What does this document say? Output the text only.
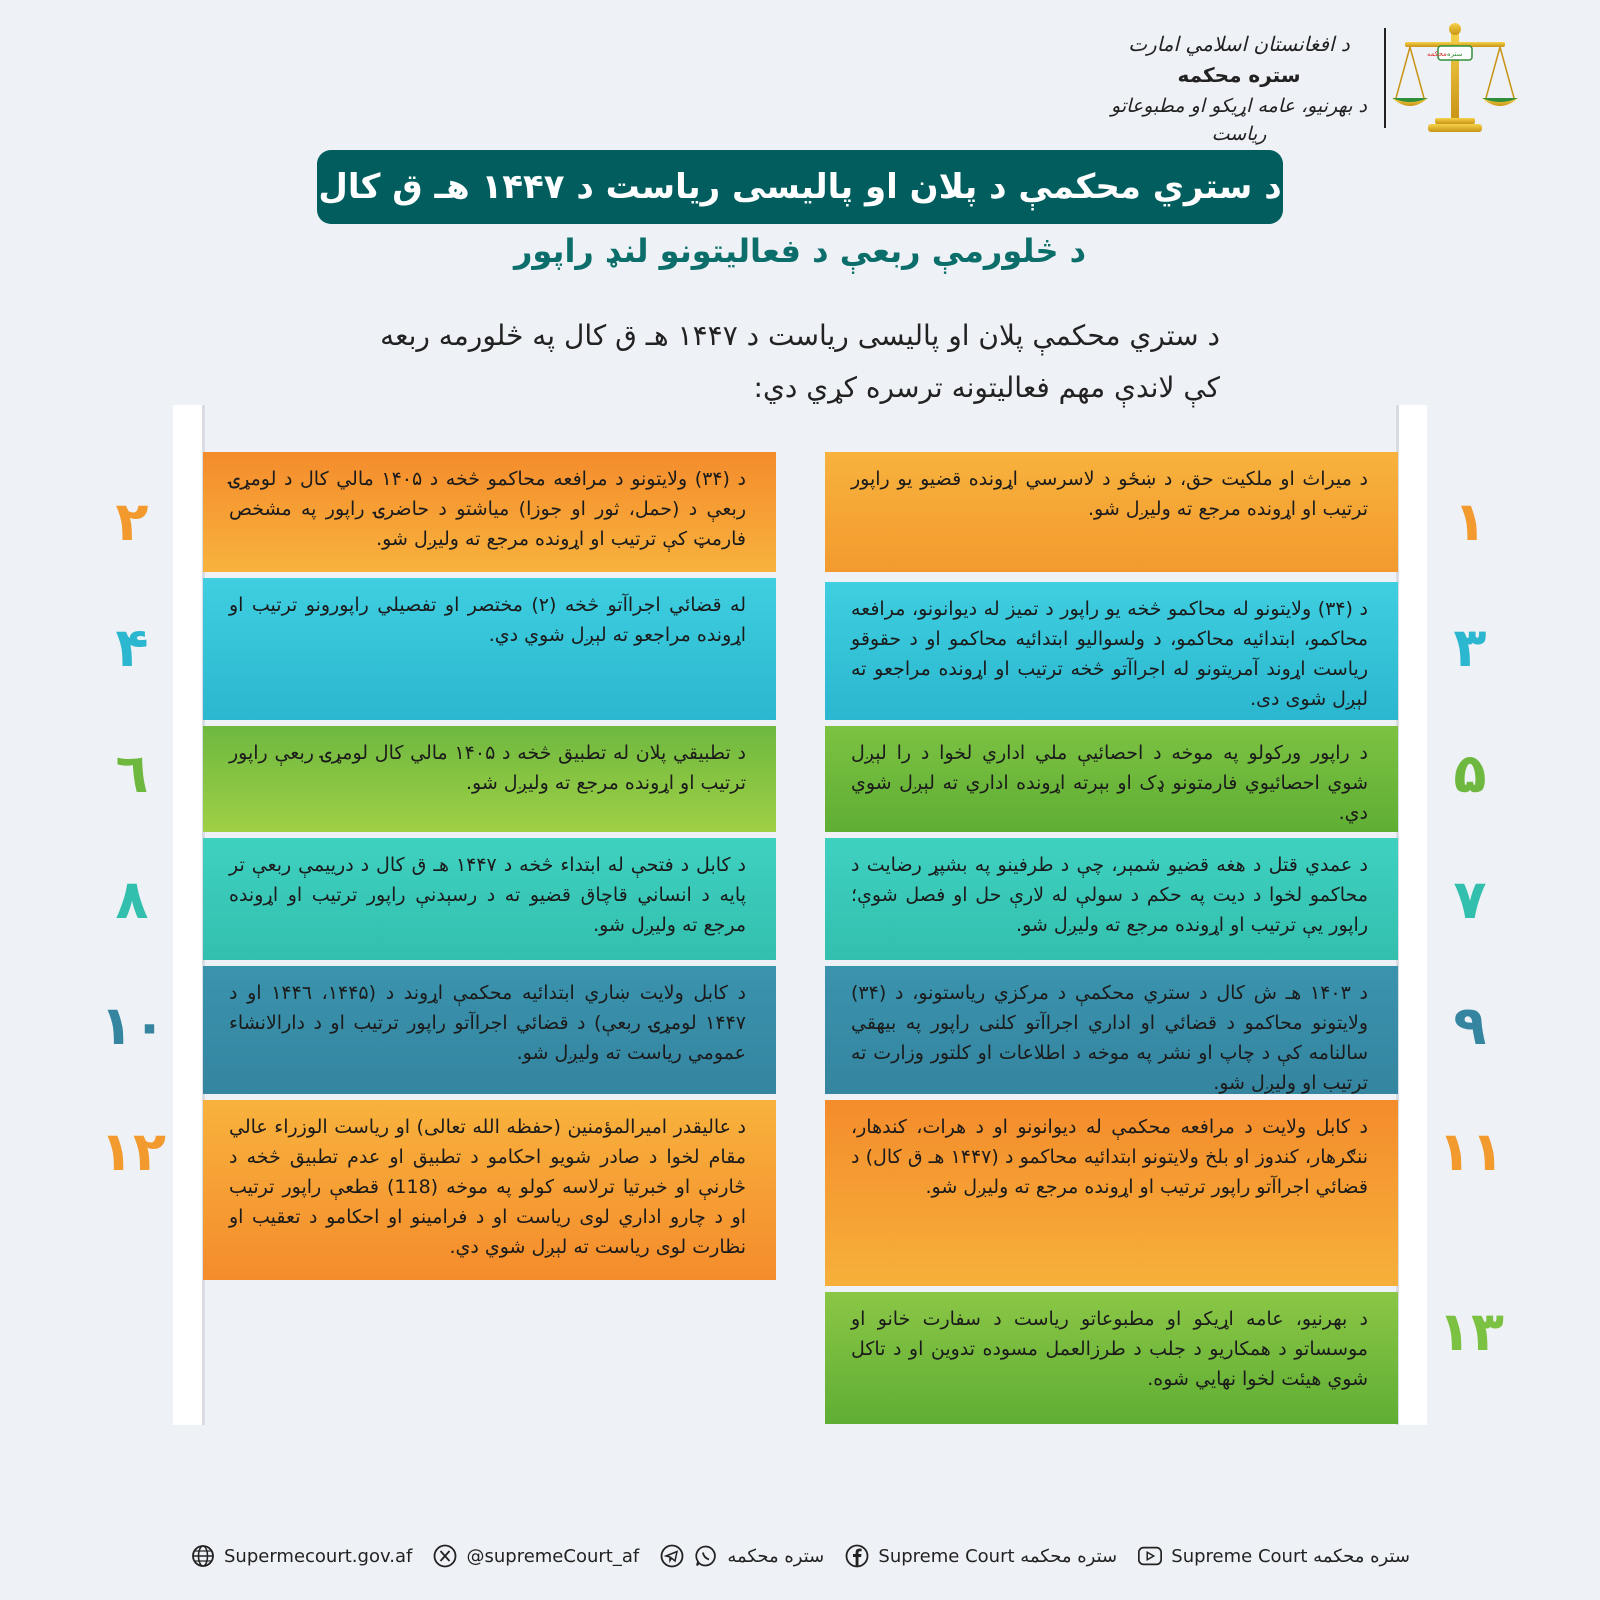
د افغانستان اسلامي امارت
ستره محکمه
د بهرنیو، عامه اړیکو او مطبوعاتو ریاست
ستره
محکمه
د ستري محکمې د پلان او پالیسی ریاست د ۱۴۴۷ هـ ق کال
د څلورمې ربعې د فعالیتونو لنډ راپور
د ستري محکمې پلان او پالیسی ریاست د ۱۴۴۷ هـ ق کال په څلورمه ربعه کې لاندې مهم فعالیتونه ترسره کړي دي:
د میراث او ملکیت حق، د ښځو د لاسرسي اړونده قضیو یو راپور ترتیب او اړونده مرجع ته ولیږل شو.
د (۳۴) ولایتونو له محاکمو څخه یو راپور د تمیز له دیوانونو، مرافعه محاکمو، ابتدائیه محاکمو، د ولسوالیو ابتدائیه محاکمو او د حقوقو ریاست اړوند آمریتونو له اجراآتو څخه ترتیب او اړونده مراجعو ته لېږل شوی دی.
د راپور ورکولو په موخه د احصائیې ملي اداري لخوا د را لېږل شوي احصائیوي فارمتونو ډک او بېرته اړونده اداري ته لېږل شوي دي.
د عمدي قتل د هغه قضیو شمېر، چې د طرفینو په بشپړ رضایت د محاکمو لخوا د دیت په حکم د سولې له لارې حل او فصل شوې؛ راپور یې ترتیب او اړونده مرجع ته ولیږل شو.
د ۱۴۰۳ هـ ش کال د ستري محکمې د مرکزي ریاستونو، د (۳۴) ولایتونو محاکمو د قضائي او اداري اجراآتو کلنی راپور په بیهقي سالنامه کې د چاپ او نشر په موخه د اطلاعات او کلتور وزارت ته ترتیب او ولیږل شو.
د کابل ولایت د مرافعه محکمې له دیوانونو او د هرات، کندهار، ننګرهار، کندوز او بلخ ولایتونو ابتدائیه محاکمو د (۱۴۴۷ هـ ق کال) د قضائي اجراآتو راپور ترتیب او اړونده مرجع ته ولیږل شو.
د بهرنیو، عامه اړیکو او مطبوعاتو ریاست د سفارت خانو او موسساتو د همکاریو د جلب د طرزالعمل مسوده تدوین او د تاکل شوي هیئت لخوا نهایي شوه.
د (۳۴) ولایتونو د مرافعه محاکمو څخه د ۱۴۰۵ مالي کال د لومړۍ ربعې د (حمل، ثور او جوزا) میاشتو د حاضرۍ راپور په مشخص فارمټ کې ترتیب او اړونده مرجع ته ولیږل شو.
له قضائي اجراآتو څخه (۲) مختصر او تفصیلي راپورونو ترتیب او اړونده مراجعو ته لېږل شوي دي.
د تطبیقي پلان له تطبیق څخه د ۱۴۰۵ مالي کال لومړۍ ربعې راپور ترتیب او اړونده مرجع ته ولیږل شو.
د کابل د فتحې له ابتداء څخه د ۱۴۴۷ هـ ق کال د دریيمې ربعې تر پایه د انساني قاچاق قضیو ته د رسېدنې راپور ترتیب او اړونده مرجع ته ولیږل شو.
د کابل ولایت ښاري ابتدائیه محکمې اړوند د (۱۴۴۵، ۱۴۴٦ او د ۱۴۴۷ لومړۍ ربعې) د قضائي اجراآتو راپور ترتیب او د دارالانشاء عمومي ریاست ته ولیږل شو.
د عالیقدر امیرالمؤمنین (حفظه الله تعالی) او ریاست الوزراء عالي مقام لخوا د صادر شویو احکامو د تطبیق او عدم تطبیق څخه د څارنې او خبرتیا ترلاسه کولو په موخه (118) قطعې راپور ترتیب او د چارو اداري لوی ریاست او د فرامینو او احکامو د تعقیب او نظارت لوی ریاست ته لېږل شوي دي.
۱
۲
۳
۴
۵
٦
۷
۸
۹
۱۰
۱۱
۱۲
۱۳
Supermecourt.gov.af	@supremeCourt_af	ستره محکمه	Supreme Court ستره محکمه	Supreme Court ستره محکمه
